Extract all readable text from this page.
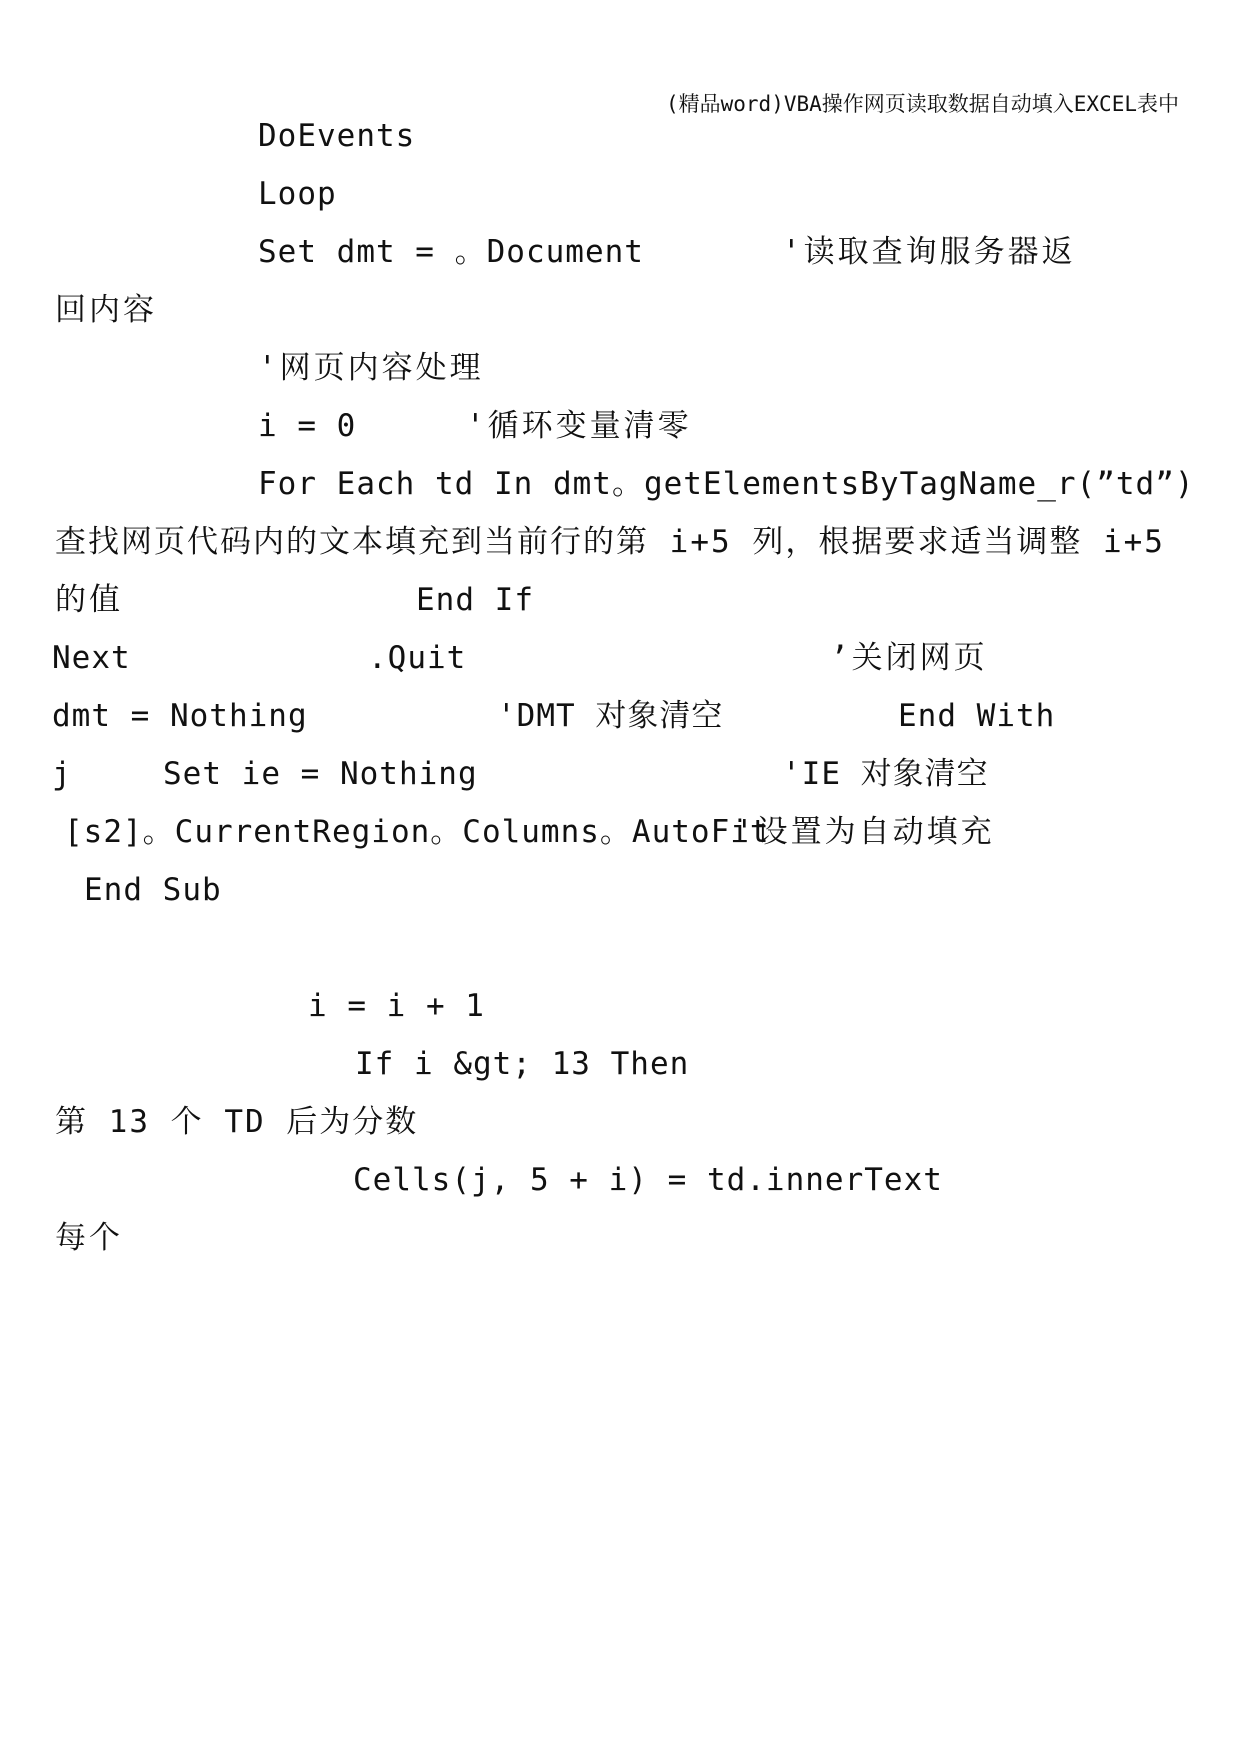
(精品word)VBA操作网页读取数据自动填入EXCEL表中
DoEvents
Loop
Set dmt = 。Document	'读取查询服务器返
回内容
'网页内容处理
i = 0	'循环变量清零
For Each td In dmt。getElementsByTagName_r(”td”)
查找网页代码内的文本填充到当前行的第 i+5 列，根据要求适当调整 i+5
的值	End If
Next	.Quit	’关闭网页
dmt = Nothing	'DMT 对象清空	End With
j	Set ie = Nothing	'IE 对象清空
[s2]。CurrentRegion。Columns。AutoFit
'设置为自动填充
End Sub
i = i + 1
If i &gt; 13 Then
第 13 个 TD 后为分数
Cells(j, 5 + i) = td.innerText
每个
